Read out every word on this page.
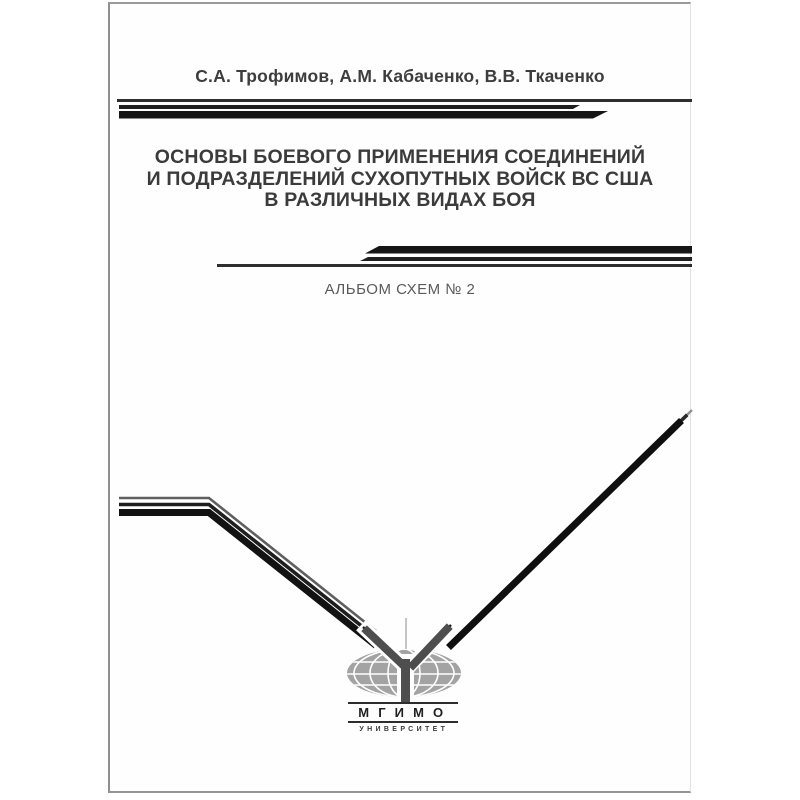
С.А. Трофимов, А.М. Кабаченко, В.В. Ткаченко
ОСНОВЫ БОЕВОГО ПРИМЕНЕНИЯ СОЕДИНЕНИЙ
И ПОДРАЗДЕЛЕНИЙ СУХОПУТНЫХ ВОЙСК ВС США
В РАЗЛИЧНЫХ ВИДАХ БОЯ
АЛЬБОМ СХЕМ № 2
МГИМО
УНИВЕРСИТЕТ
